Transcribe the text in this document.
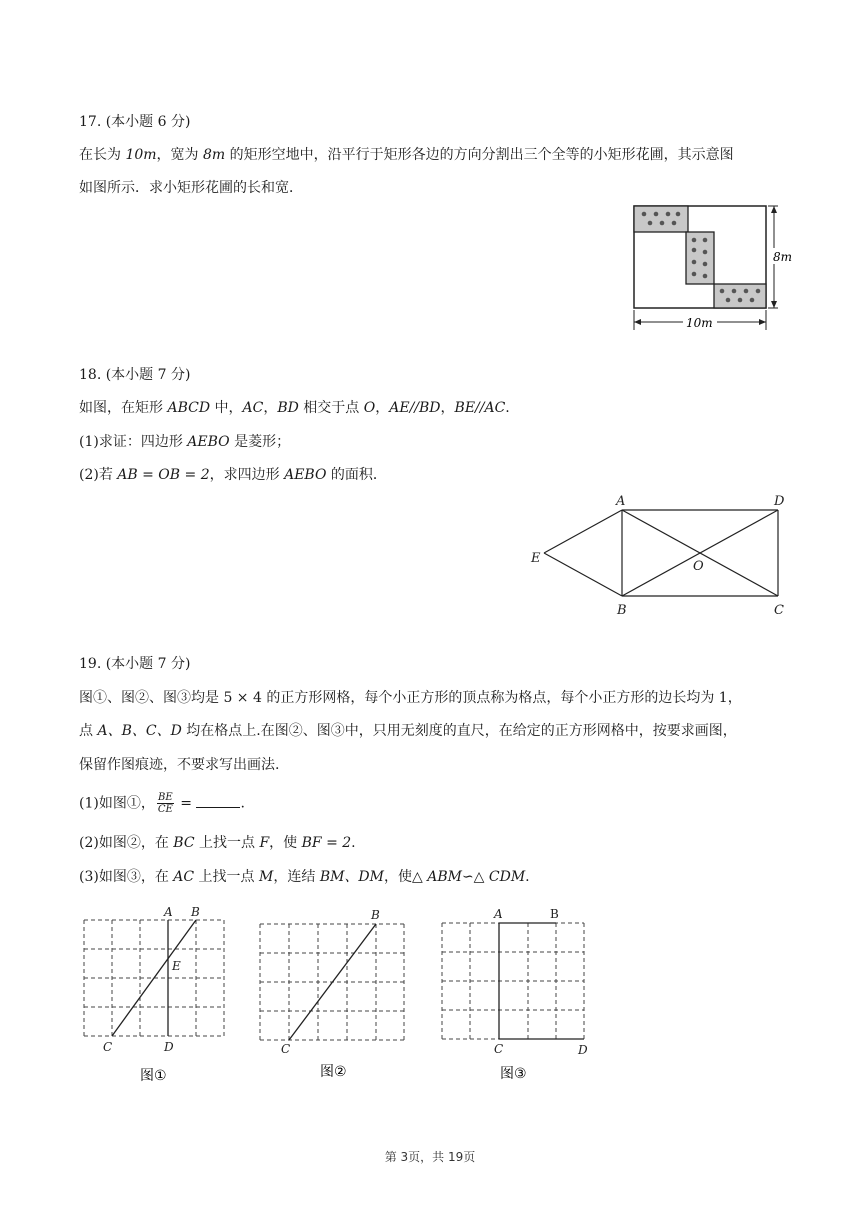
17. (本小题 6 分)
在长为 10m，宽为 8m 的矩形空地中，沿平行于矩形各边的方向分割出三个全等的小矩形花圃，其示意图
如图所示．求小矩形花圃的长和宽．
8m
10m
18. (本小题 7 分)
如图，在矩形 ABCD 中，AC，BD 相交于点 O，AE//BD，BE//AC.
(1)求证：四边形 AEBO 是菱形；
(2)若 AB = OB = 2，求四边形 AEBO 的面积．
A	D
B	C
E
O
19. (本小题 7 分)
图①、图②、图③均是 5 × 4 的正方形网格，每个小正方形的顶点称为格点，每个小正方形的边长均为 1，
点 A、B、C、D 均在格点上.在图②、图③中，只用无刻度的直尺，在给定的正方形网格中，按要求画图，
保留作图痕迹，不要求写出画法.
(1)如图①， $\frac{BE}{CE}$ =	.
(2)如图②，在 BC 上找一点 F，使 BF = 2.
(3)如图③，在 AC 上找一点 M，连结 BM、DM，使△ ABM∽△ CDM.
A B
E
C	D
图①
B
C
图②
A	B
C	D
图③
第 3页，共 19页
